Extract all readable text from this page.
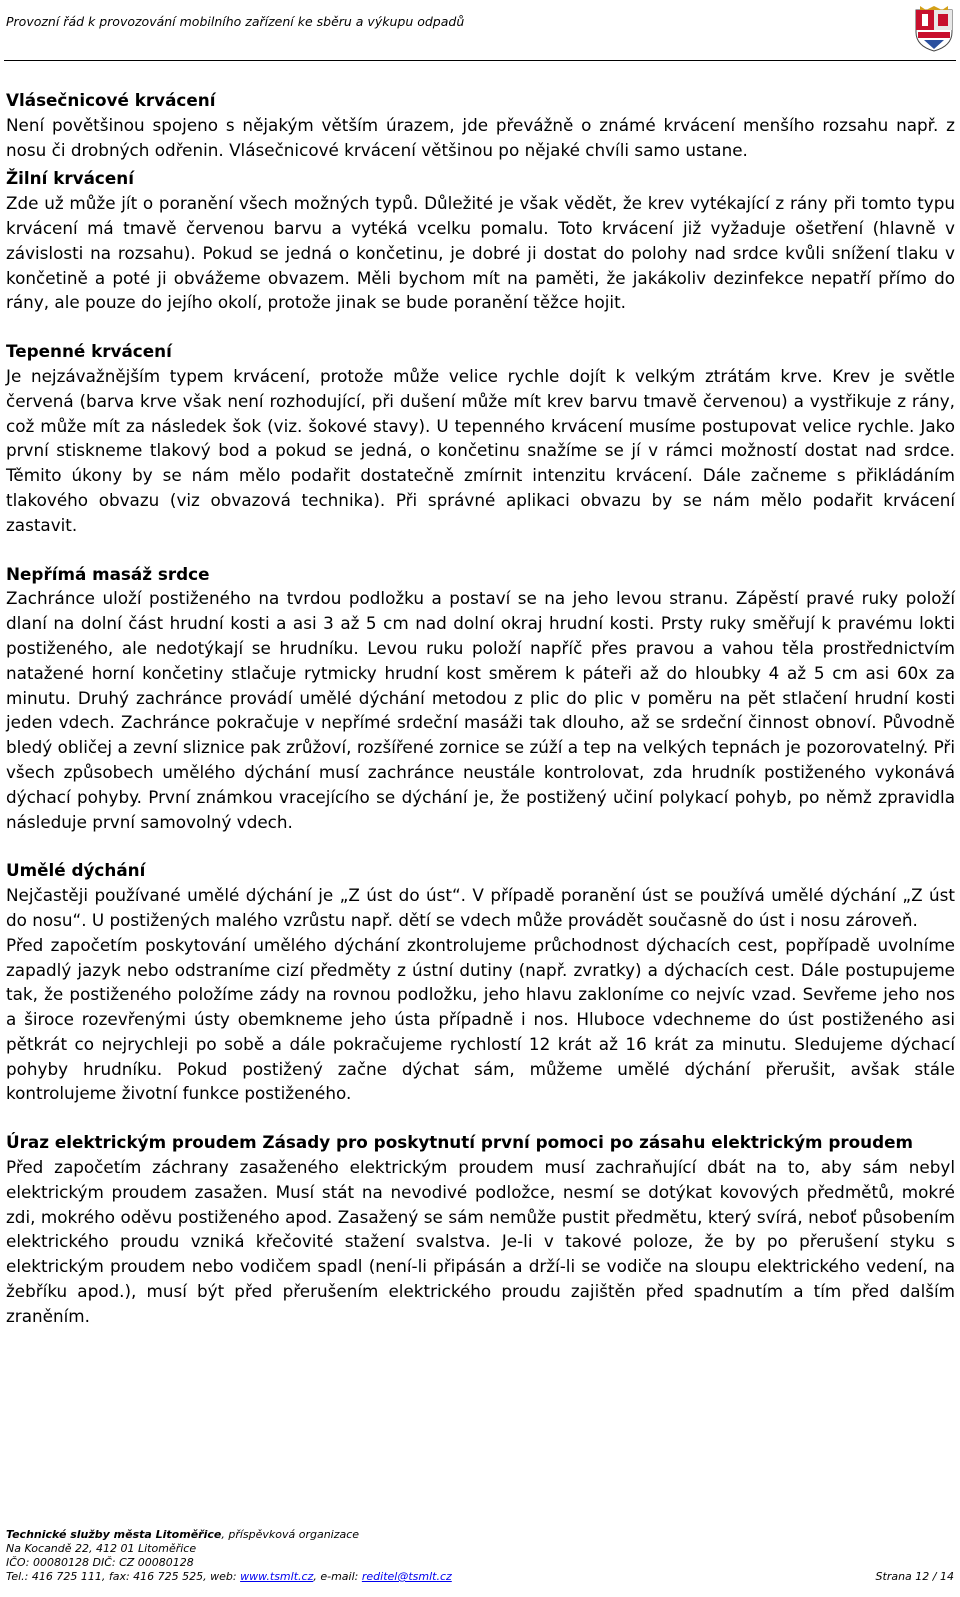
Provozní řád k provozování mobilního zařízení ke sběru a výkupu odpadů
Vlásečnicové krvácení

Není povětšinou spojeno s nějakým větším úrazem, jde převážně o známé krvácení menšího rozsahu např. z nosu či drobných odřenin. Vlásečnicové krvácení většinou po nějaké chvíli samo ustane.

Žilní krvácení

Zde už může jít o poranění všech možných typů. Důležité je však vědět, že krev vytékající z rány při tomto typu krvácení má tmavě červenou barvu a vytéká vcelku pomalu. Toto krvácení již vyžaduje ošetření (hlavně v závislosti na rozsahu). Pokud se jedná o končetinu, je dobré ji dostat do polohy nad srdce kvůli snížení tlaku v končetině a poté ji obvážeme obvazem. Měli bychom mít na paměti, že jakákoliv dezinfekce nepatří přímo do rány, ale pouze do jejího okolí, protože jinak se bude poranění těžce hojit.

Tepenné krvácení

Je nejzávažnějším typem krvácení, protože může velice rychle dojít k velkým ztrátám krve. Krev je světle červená (barva krve však není rozhodující, při dušení může mít krev barvu tmavě červenou) a vystřikuje z rány, což může mít za následek šok (viz. šokové stavy). U tepenného krvácení musíme postupovat velice rychle. Jako první stiskneme tlakový bod a pokud se jedná, o končetinu snažíme se jí v rámci možností dostat nad srdce. Těmito úkony by se nám mělo podařit dostatečně zmírnit intenzitu krvácení. Dále začneme s přikládáním tlakového obvazu (viz obvazová technika). Při správné aplikaci obvazu by se nám mělo podařit krvácení zastavit.

Nepřímá masáž srdce

Zachránce uloží postiženého na tvrdou podložku a postaví se na jeho levou stranu. Zápěstí pravé ruky položí dlaní na dolní část hrudní kosti a asi 3 až 5 cm nad dolní okraj hrudní kosti. Prsty ruky směřují k pravému lokti postiženého, ale nedotýkají se hrudníku. Levou ruku položí napříč přes pravou a vahou těla prostřednictvím natažené horní končetiny stlačuje rytmicky hrudní kost směrem k páteři až do hloubky 4 až 5 cm asi 60x za minutu. Druhý zachránce provádí umělé dýchání metodou z plic do plic v poměru na pět stlačení hrudní kosti jeden vdech. Zachránce pokračuje v nepřímé srdeční masáži tak dlouho, až se srdeční činnost obnoví. Původně bledý obličej a zevní sliznice pak zrůžoví, rozšířené zornice se zúží a tep na velkých tepnách je pozorovatelný. Při všech způsobech umělého dýchání musí zachránce neustále kontrolovat, zda hrudník postiženého vykonává dýchací pohyby. První známkou vracejícího se dýchání je, že postižený učiní polykací pohyb, po němž zpravidla následuje první samovolný vdech.

Umělé dýchání

Nejčastěji používané umělé dýchání je „Z úst do úst“. V případě poranění úst se používá umělé dýchání „Z úst do nosu“. U postižených malého vzrůstu např. dětí se vdech může provádět současně do úst i nosu zároveň.

Před započetím poskytování umělého dýchání zkontrolujeme průchodnost dýchacích cest, popřípadě uvolníme zapadlý jazyk nebo odstraníme cizí předměty z ústní dutiny (např. zvratky) a dýchacích cest. Dále postupujeme tak, že postiženého položíme zády na rovnou podložku, jeho hlavu zakloníme co nejvíc vzad. Sevřeme jeho nos a široce rozevřenými ústy obemkneme jeho ústa případně i nos. Hluboce vdechneme do úst postiženého asi pětkrát co nejrychleji po sobě a dále pokračujeme rychlostí 12 krát až 16 krát za minutu. Sledujeme dýchací pohyby hrudníku. Pokud postižený začne dýchat sám, můžeme umělé dýchání přerušit, avšak stále kontrolujeme životní funkce postiženého.

Úraz elektrickým proudem Zásady pro poskytnutí první pomoci po zásahu elektrickým proudem

Před započetím záchrany zasaženého elektrickým proudem musí zachraňující dbát na to, aby sám nebyl elektrickým proudem zasažen. Musí stát na nevodivé podložce, nesmí se dotýkat kovových předmětů, mokré zdi, mokrého oděvu postiženého apod. Zasažený se sám nemůže pustit předmětu, který svírá, neboť působením elektrického proudu vzniká křečovité stažení svalstva. Je-li v takové poloze, že by po přerušení styku s elektrickým proudem nebo vodičem spadl (není-li připásán a drží-li se vodiče na sloupu elektrického vedení, na žebříku apod.), musí být před přerušením elektrického proudu zajištěn před spadnutím a tím před dalším zraněním.

Technické služby města Litoměřice, příspěvková organizace
Na Kocandě 22, 412 01 Litoměřice
IČO: 00080128 DIČ: CZ 00080128
Tel.: 416 725 111, fax: 416 725 525, web: www.tsmlt.cz, e-mail: reditel@tsmlt.cz	Strana 12 / 14
